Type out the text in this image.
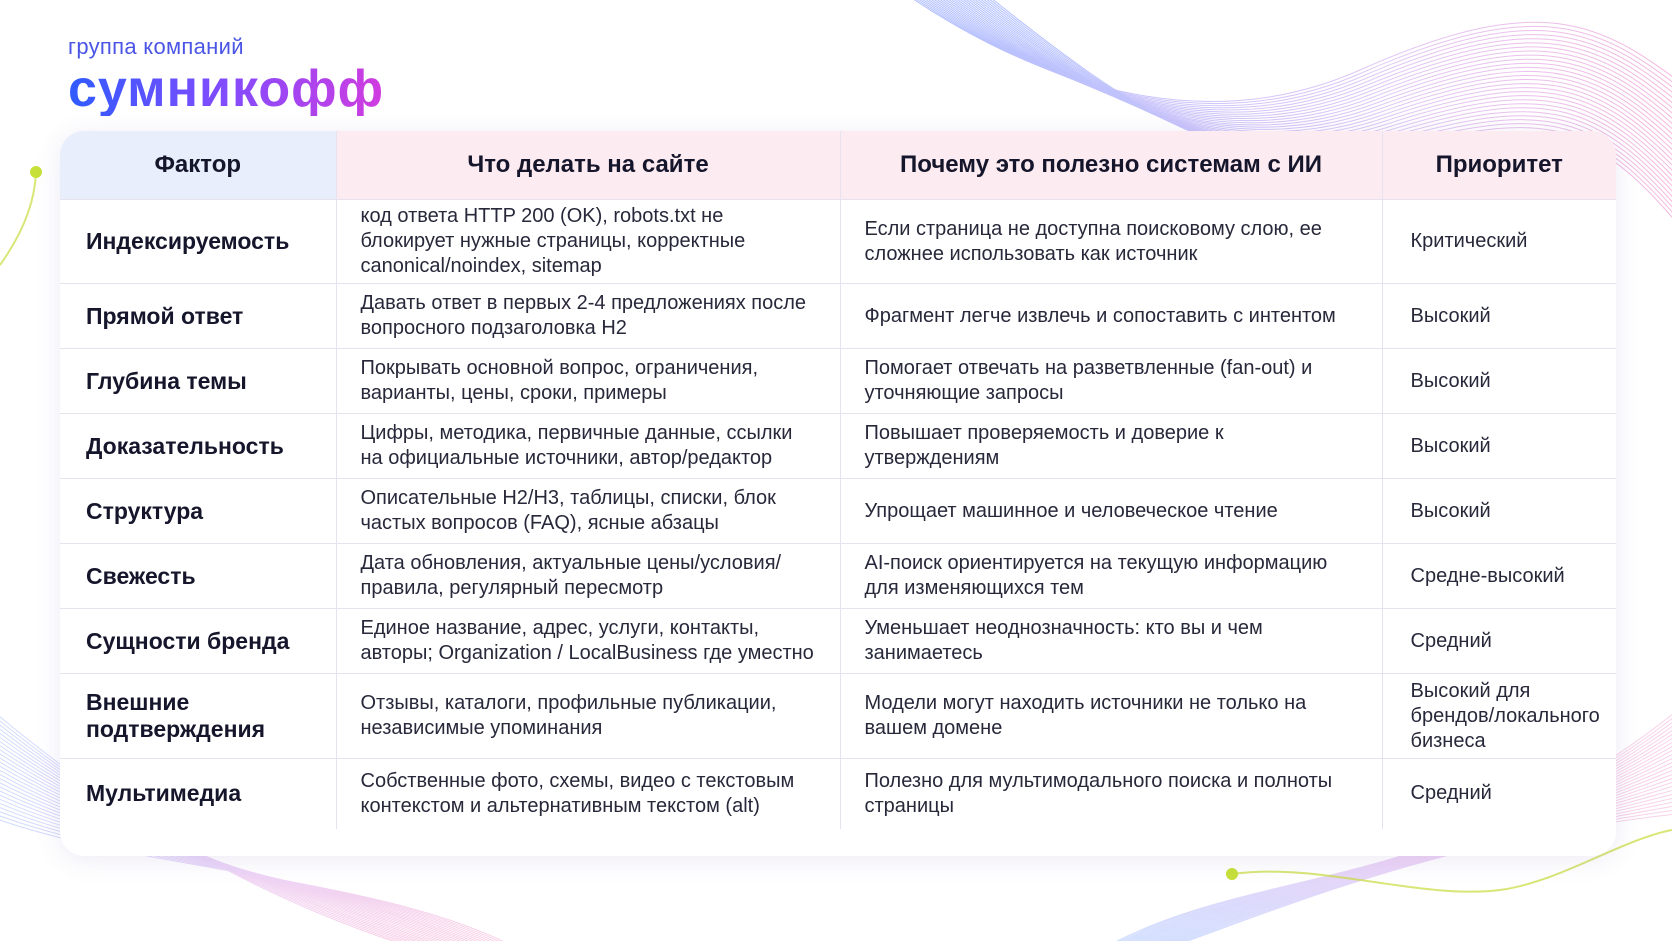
группа компаний
сумникофф
Фактор	Что делать на сайте	Почему это полезно системам с ИИ	Приоритет
Индексируемость	код ответа HTTP 200 (OK), robots.txt не блокирует нужные страницы, корректные canonical/noindex, sitemap	Если страница не доступна поисковому слою, ее сложнее использовать как источник	Критический
Прямой ответ	Давать ответ в первых 2-4 предложениях после вопросного подзаголовка H2	Фрагмент легче извлечь и сопоставить с интентом	Высокий
Глубина темы	Покрывать основной вопрос, ограничения, варианты, цены, сроки, примеры	Помогает отвечать на разветвленные (fan-out) и уточняющие запросы	Высокий
Доказательность	Цифры, методика, первичные данные, ссылки на официальные источники, автор/редактор	Повышает проверяемость и доверие к утверждениям	Высокий
Структура	Описательные H2/H3, таблицы, списки, блок частых вопросов (FAQ), ясные абзацы	Упрощает машинное и человеческое чтение	Высокий
Свежесть	Дата обновления, актуальные цены/условия/ правила, регулярный пересмотр	AI-поиск ориентируется на текущую информацию для изменяющихся тем	Средне-высокий
Сущности бренда	Единое название, адрес, услуги, контакты, авторы; Organization / LocalBusiness где уместно	Уменьшает неоднозначность: кто вы и чем занимаетесь	Средний
Внешние подтверждения	Отзывы, каталоги, профильные публикации, независимые упоминания	Модели могут находить источники не только на вашем домене	Высокий для брендов/локального бизнеса
Мультимедиа	Собственные фото, схемы, видео с текстовым контекстом и альтернативным текстом (alt)	Полезно для мультимодального поиска и полноты страницы	Средний
